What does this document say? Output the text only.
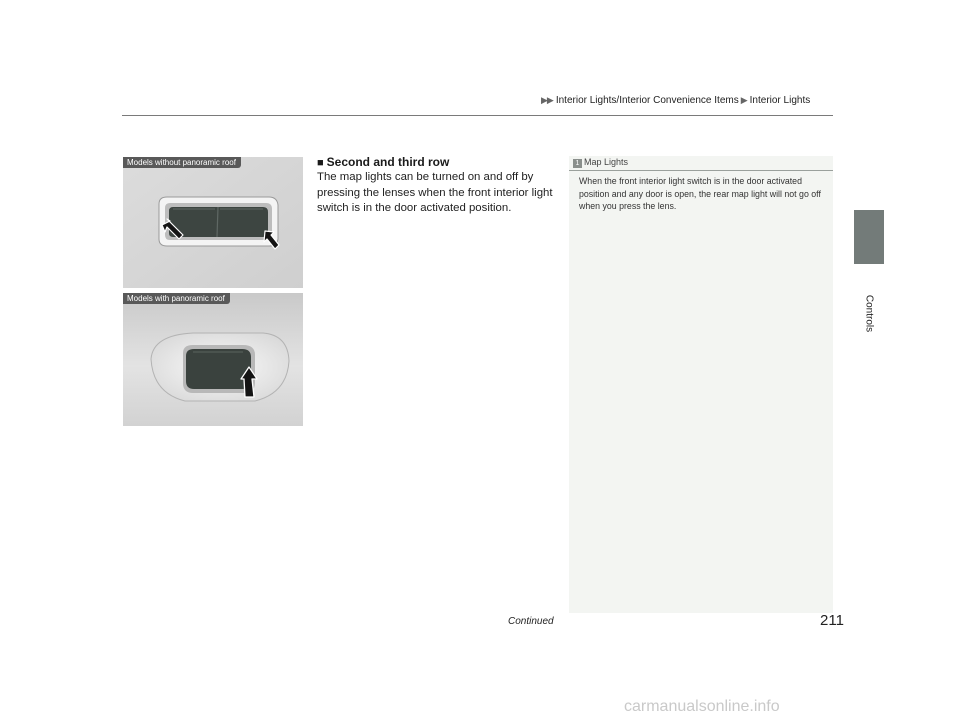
▶▶ Interior Lights/Interior Convenience Items ▶ Interior Lights
Controls
Models without panoramic roof
Models with panoramic roof
■ Second and third row
The map lights can be turned on and off by pressing the lenses when the front interior light switch is in the door activated position.
1 Map Lights
When the front interior light switch is in the door activated position and any door is open, the rear map light will not go off when you press the lens.
Continued	211
carmanualsonline.info
